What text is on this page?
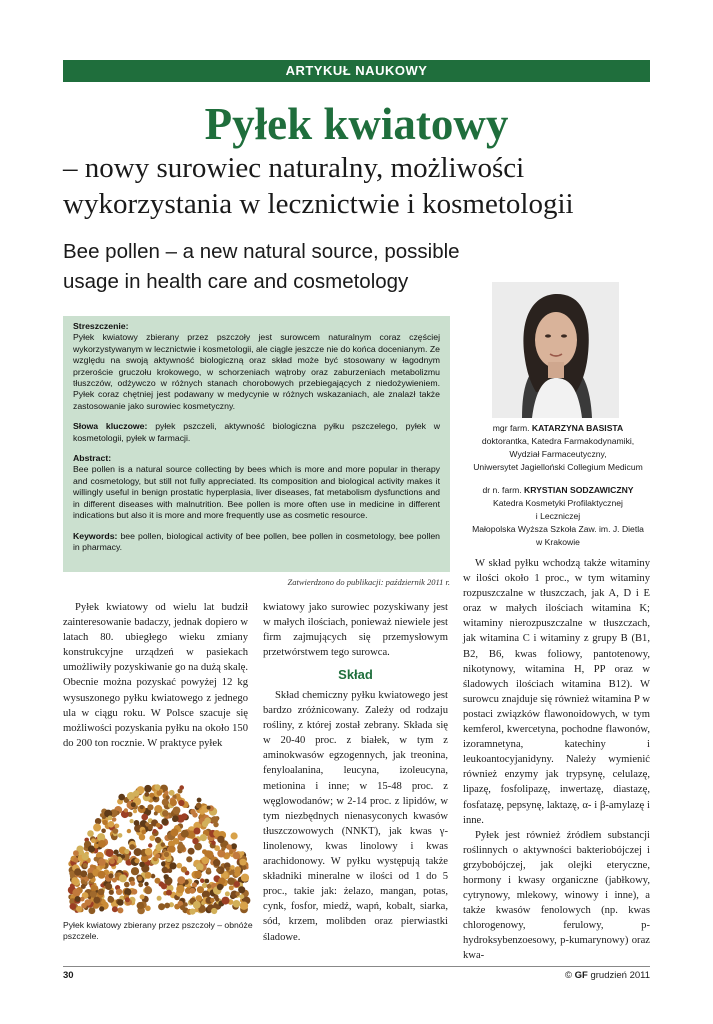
ARTYKUŁ NAUKOWY
Pyłek kwiatowy
– nowy surowiec naturalny, możliwości wykorzystania w lecznictwie i kosmetologii
Bee pollen – a new natural source, possible usage in health care and cosmetology
Streszczenie:

Pyłek kwiatowy zbierany przez pszczoły jest surowcem naturalnym coraz częściej wykorzystywanym w lecznictwie i kosmetologii, ale ciągle jeszcze nie do końca docenianym. Ze względu na swoją aktywność biologiczną oraz skład może być stosowany w łagodnym przeroście gruczołu krokowego, w schorzeniach wątroby oraz zaburzeniach metabolizmu tłuszczów, odżywczo w różnych stanach chorobowych przebiegających z niedożywieniem. Pyłek coraz chętniej jest podawany w medycynie w różnych wskazaniach, ale znalazł także zastosowanie jako surowiec kosmetyczny.

Słowa kluczowe: pyłek pszczeli, aktywność biologiczna pyłku pszczelego, pyłek w kosmetologii, pyłek w farmacji.

Abstract:

Bee pollen is a natural source collecting by bees which is more and more popular in therapy and cosmetology, but still not fully appreciated. Its composition and biological activity makes it willingly useful in benign prostatic hyperplasia, liver diseases, fat metabolism dysfunctions and in different diseases with malnutrition. Bee pollen is more often use in medicine in different indications but also it is more and more frequently use as cosmetic resource.

Keywords: bee pollen, biological activity of bee pollen, bee pollen in cosmetology, bee pollen in pharmacy.

Zatwierdzono do publikacji: październik 2011 r.
mgr farm. KATARZYNA BASISTA
doktorantka, Katedra Farmakodynamiki,
Wydział Farmaceutyczny,
Uniwersytet Jagielloński Collegium Medicum
dr n. farm. KRYSTIAN SODZAWICZNY
Katedra Kosmetyki Profilaktycznej
i Leczniczej
Małopolska Wyższa Szkoła Zaw. im. J. Dietla
w Krakowie

Pyłek kwiatowy od wielu lat budził zainteresowanie badaczy, jednak dopiero w latach 80. ubiegłego wieku zmiany konstrukcyjne urządzeń w pasiekach umożliwiły pozyskiwanie go na dużą skalę. Obecnie można pozyskać powyżej 12 kg wysuszonego pyłku kwiatowego z jednego ula w ciągu roku. W Polsce szacuje się możliwości pozyskania pyłku na około 150 do 200 ton rocznie. W praktyce pyłek

kwiatowy jako surowiec pozyskiwany jest w małych ilościach, ponieważ niewiele jest firm zajmujących się przemysłowym przetwórstwem tego surowca.

Skład

Skład chemiczny pyłku kwiatowego jest bardzo zróżnicowany. Zależy od rodzaju rośliny, z której został zebrany. Składa się w 20-40 proc. z białek, w tym z aminokwasów egzogennych, jak treonina, fenyloalanina, leucyna, izoleucyna, metionina i inne; w 15-48 proc. z węglowodanów; w 2-14 proc. z lipidów, w tym niezbędnych nienasyconych kwasów tłuszczowowych (NNKT), jak kwas γ-linolenowy, kwas linolowy i kwas arachidonowy. W pyłku występują także składniki mineralne w ilości od 1 do 5 proc., takie jak: żelazo, mangan, potas, cynk, fosfor, miedź, wapń, kobalt, siarka, sód, krzem, molibden oraz pierwiastki śladowe.

W skład pyłku wchodzą także witaminy w ilości około 1 proc., w tym witaminy rozpuszczalne w tłuszczach, jak A, D i E oraz w małych ilościach witamina K; witaminy nierozpuszczalne w tłuszczach, jak witamina C i witaminy z grupy B (B1, B2, B6, kwas foliowy, pantotenowy, nikotynowy, witamina H, PP oraz w śladowych ilościach witamina B12). W surowcu znajduje się również witamina P w postaci związków flawonoidowych, w tym kemferol, kwercetyna, pochodne flawonów, izoramnetyna, katechiny i leukoantocyjanidyny. Należy wymienić również enzymy jak trypsynę, celulazę, lipazę, fosfolipazę, inwertazę, diastazę, fosfatazę, pepsynę, laktazę, α- i β-amylazę i inne.

Pyłek jest również źródłem substancji roślinnych o aktywności bakteriobójczej i grzybobójczej, jak olejki eteryczne, hormony i kwasy organiczne (jabłkowy, cytrynowy, mlekowy, winowy i inne), a także kwasów fenolowych (np. kwas chlorogenowy, ferulowy, p-hydroksybenzoesowy, p-kumarynowy) oraz kwa-

Pyłek kwiatowy zbierany przez pszczoły – obnóże pszczele.
30	© GF grudzień 2011
